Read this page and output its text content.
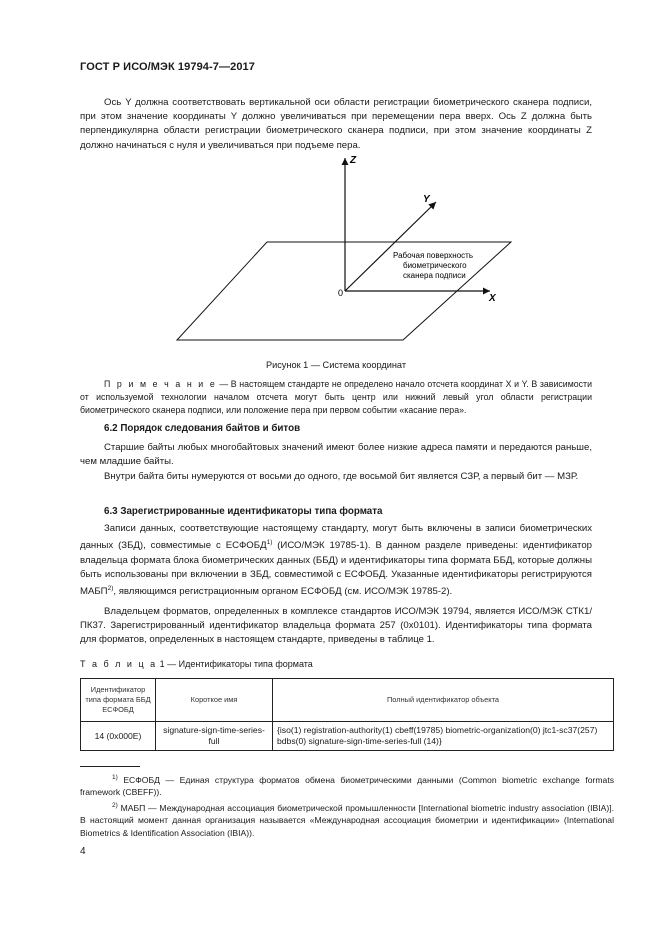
ГОСТ Р ИСО/МЭК 19794-7—2017
Ось Y должна соответствовать вертикальной оси области регистрации биометрического сканера подписи, при этом значение координаты Y должно увеличиваться при перемещении пера вверх. Ось Z должна быть перпендикулярна области регистрации биометрического сканера подписи, при этом значение координаты Z должно начинаться с нуля и увеличиваться при подъеме пера.
Z
Y
X
0
Рабочая поверхность
биометрического
сканера подписи
Рисунок 1 — Система координат
П р и м е ч а н и е — В настоящем стандарте не определено начало отсчета координат X и Y. В зависимости от используемой технологии началом отсчета могут быть центр или нижний левый угол области регистрации биометрического сканера подписи, или положение пера при первом событии «касание пера».
6.2 Порядок следования байтов и битов
Старшие байты любых многобайтовых значений имеют более низкие адреса памяти и передаются раньше, чем младшие байты.
Внутри байта биты нумеруются от восьми до одного, где восьмой бит является СЗР, а первый бит — МЗР.
6.3 Зарегистрированные идентификаторы типа формата
Записи данных, соответствующие настоящему стандарту, могут быть включены в записи биометрических данных (ЗБД), совместимые с ЕСФОБД$^{1)}$ (ИСО/МЭК 19785-1). В данном разделе приведены: идентификатор владельца формата блока биометрических данных (ББД) и идентификаторы типа формата ББД, которые должны быть использованы при включении в ЗБД, совместимой с ЕСФОБД. Указанные идентификаторы регистрируются МАБП$^{2)}$, являющимся регистрационным органом ЕСФОБД (см. ИСО/МЭК 19785-2).
Владельцем форматов, определенных в комплексе стандартов ИСО/МЭК 19794, является ИСО/МЭК СТК1/ПК37. Зарегистрированный идентификатор владельца формата 257 (0x0101). Идентификаторы типа формата для форматов, определенных в настоящем стандарте, приведены в таблице 1.
Т а б л и ц а 1 — Идентификаторы типа формата
Идентификатор типа формата ББД ЕСФОБД	Короткое имя	Полный идентификатор объекта
14 (0x000E)	signature-sign-time-series-full	{iso(1) registration-authority(1) cbeff(19785) biometric-organization(0) jtc1-sc37(257) bdbs(0) signature-sign-time-series-full (14)}
$^{1)}$ ЕСФОБД — Единая структура форматов обмена биометрическими данными (Common biometric exchange formats framework (CBEFF)).
$^{2)}$ МАБП — Международная ассоциация биометрической промышленности [International biometric industry association (IBIA)]. В настоящий момент данная организация называется «Международная ассоциация биометрии и идентификации» (International Biometrics & Identification Association (IBIA)).
4
